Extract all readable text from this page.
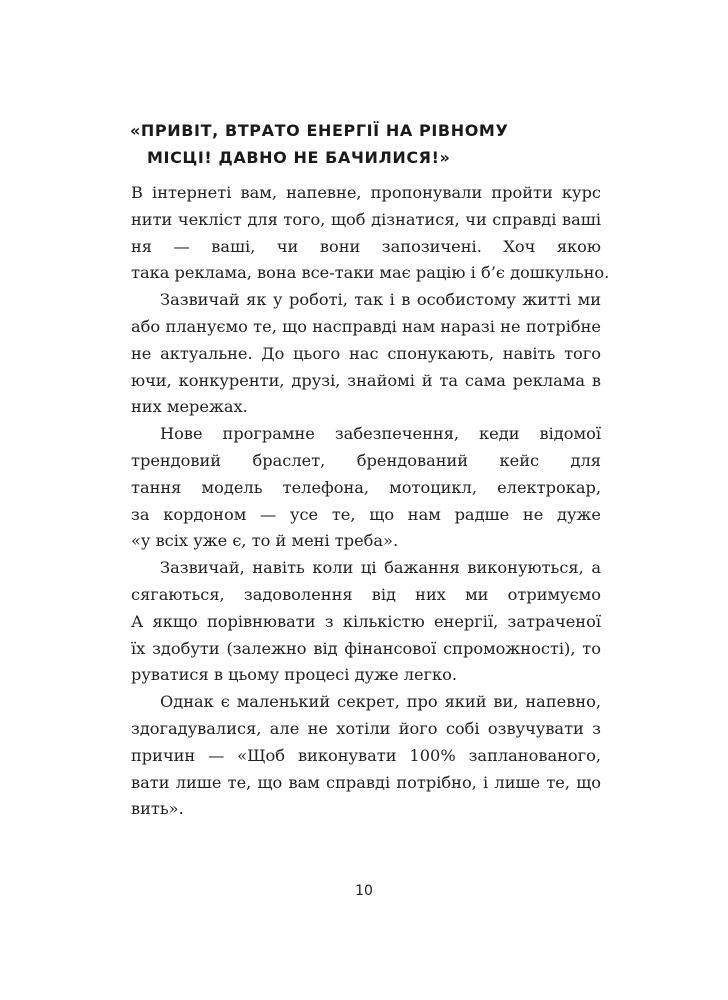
«ПРИВІТ, ВТРАТО ЕНЕРГІЇ НА РІВНОМУ
МІСЦІ! ДАВНО НЕ БАЧИЛИСЯ!»
В інтернеті вам, напевне, пропонували пройти курс
нити чекліст для того, щоб дізнатися, чи справді ваші
ня — ваші, чи вони запозичені. Хоч якою
така реклама, вона все-таки має рацію і б’є дошкульно.
Зазвичай як у роботі, так і в особистому житті ми
або плануємо те, що насправді нам наразі не потрібне
не актуальне. До цього нас спонукають, навіть того
ючи, конкуренти, друзі, знайомі й та сама реклама в
них мережах.
Нове програмне забезпечення, кеди відомої
трендовий браслет, брендований кейс для
тання модель телефона, мотоцикл, електрокар,
за кордоном — усе те, що нам радше не дуже
«у всіх уже є, то й мені треба».
Зазвичай, навіть коли ці бажання виконуються, а
сягаються, задоволення від них ми отримуємо
А якщо порівнювати з кількістю енергії, затраченої
їх здобути (залежно від фінансової спроможності), то
руватися в цьому процесі дуже легко.
Однак є маленький секрет, про який ви, напевно,
здогадувалися, але не хотіли його собі озвучувати з
причин — «Щоб виконувати 100% запланованого,
вати лише те, що вам справді потрібно, і лише те, що
вить».
10
